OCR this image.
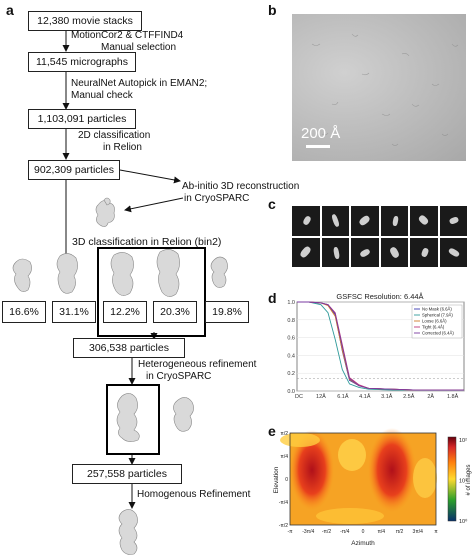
a	b
c
d
e
12,380 movie stacks
MotionCor2 & CTFFIND4
Manual selection
11,545 micrographs
NeuralNet Autopick in EMAN2;
Manual check
1,103,091 particles
2D classification
in Relion
902,309 particles
Ab-initio 3D reconstruction
in CryoSPARC
3D classification in Relion (bin2)
16.6%	31.1%	12.2%	20.3%	19.8%
306,538 particles
Heterogeneous refinement
in CryoSPARC
257,558 particles
Homogenous Refinement
200 Å
GSFSC Resolution: 6.44Å
0.0
0.2
0.4
0.6
0.8
1.0
DC 12Å 6.1Å 4.1Å 3.1Å 2.5Å 2Å 1.8Å
No Mask (6.6Å)
Spherical (7.9Å)
Loose (6.6Å)
Tight (6.4Å)
Corrected (6.4Å)
Elevation
Azimuth
-π -3π/4 -π/2 -π/4 0	π/4 π/2 3π/4 π
π/2
π/4
0
-π/4
-π/2
10²
10¹
10⁰
# of images
